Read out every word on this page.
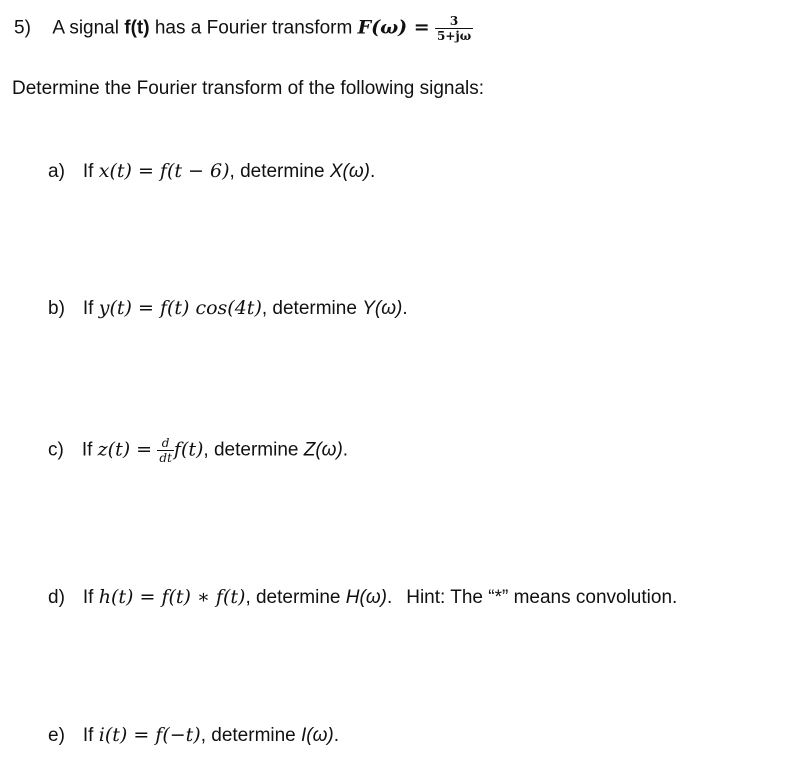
5) A signal f(t) has a Fourier transform $F(\omega) = \frac{3}{5+j\omega}$
Determine the Fourier transform of the following signals:
a) If x(t) = f(t − 6), determine X(ω).
b) If y(t) = f(t) cos(4t), determine Y(ω).
c) If $z(t) = \frac{d}{dt} f(t)$, determine Z(ω).
d) If h(t) = f(t) ∗ f(t), determine H(ω). Hint: The “*” means convolution.
e) If i(t) = f(−t), determine I(ω).
